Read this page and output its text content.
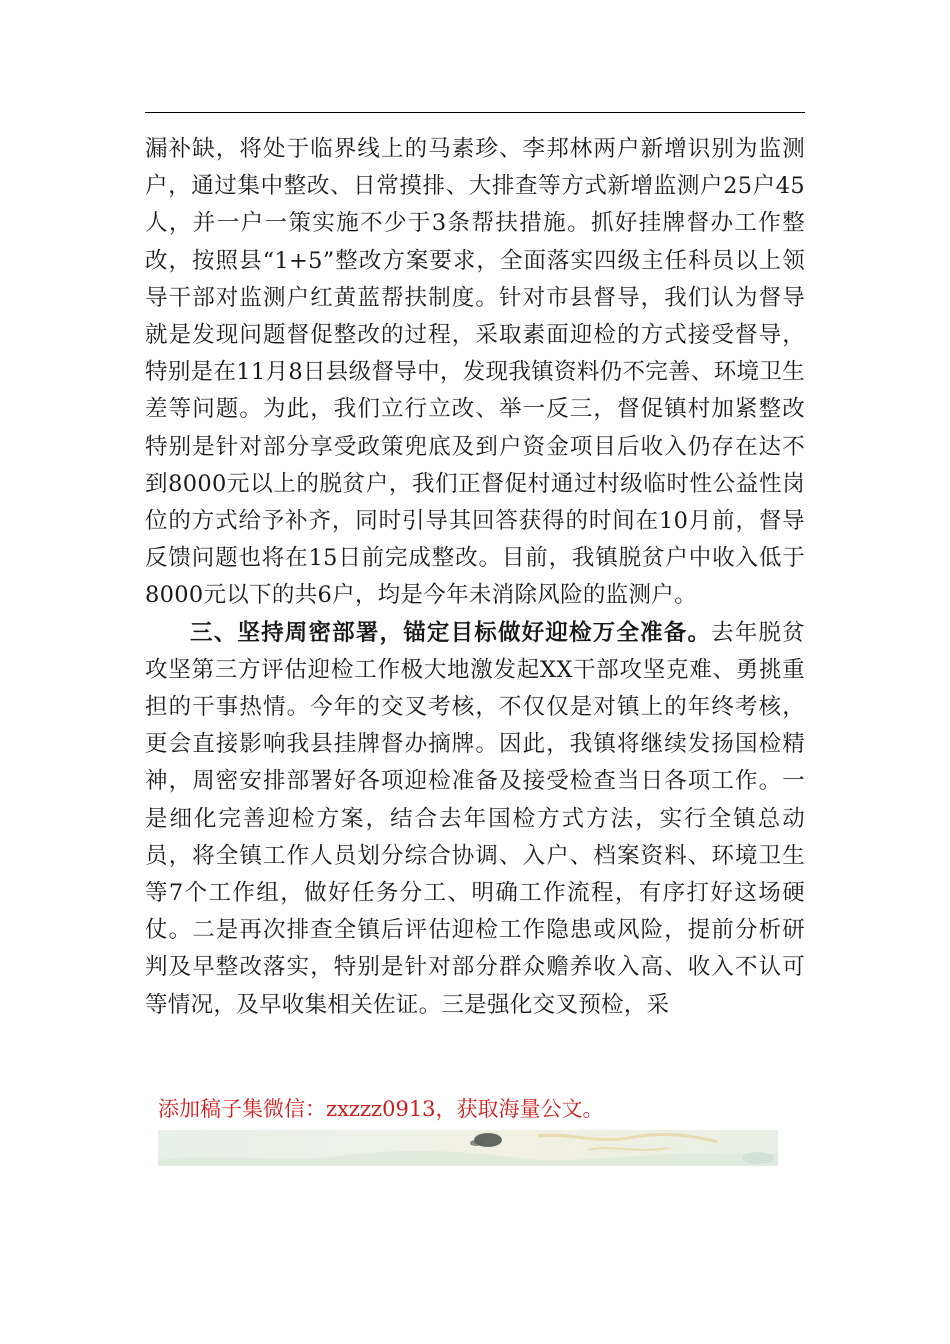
漏补缺，将处于临界线上的马素珍、李邦林两户新增识别为监测户，通过集中整改、日常摸排、大排查等方式新增监测户25户45人，并一户一策实施不少于3条帮扶措施。抓好挂牌督办工作整改，按照县“1+5”整改方案要求，全面落实四级主任科员以上领导干部对监测户红黄蓝帮扶制度。针对市县督导，我们认为督导就是发现问题督促整改的过程，采取素面迎检的方式接受督导，特别是在11月8日县级督导中，发现我镇资料仍不完善、环境卫生差等问题。为此，我们立行立改、举一反三，督促镇村加紧整改特别是针对部分享受政策兜底及到户资金项目后收入仍存在达不到8000元以上的脱贫户，我们正督促村通过村级临时性公益性岗位的方式给予补齐，同时引导其回答获得的时间在10月前，督导反馈问题也将在15日前完成整改。目前，我镇脱贫户中收入低于8000元以下的共6户，均是今年未消除风险的监测户。

三、坚持周密部署，锚定目标做好迎检万全准备。去年脱贫攻坚第三方评估迎检工作极大地激发起XX干部攻坚克难、勇挑重担的干事热情。今年的交叉考核，不仅仅是对镇上的年终考核，更会直接影响我县挂牌督办摘牌。因此，我镇将继续发扬国检精神，周密安排部署好各项迎检准备及接受检查当日各项工作。一是细化完善迎检方案，结合去年国检方式方法，实行全镇总动员，将全镇工作人员划分综合协调、入户、档案资料、环境卫生等7个工作组，做好任务分工、明确工作流程，有序打好这场硬仗。二是再次排查全镇后评估迎检工作隐患或风险，提前分析研判及早整改落实，特别是针对部分群众赡养收入高、收入不认可等情况，及早收集相关佐证。三是强化交叉预检，采

添加稿子集微信：zxzzz0913，获取海量公文。
